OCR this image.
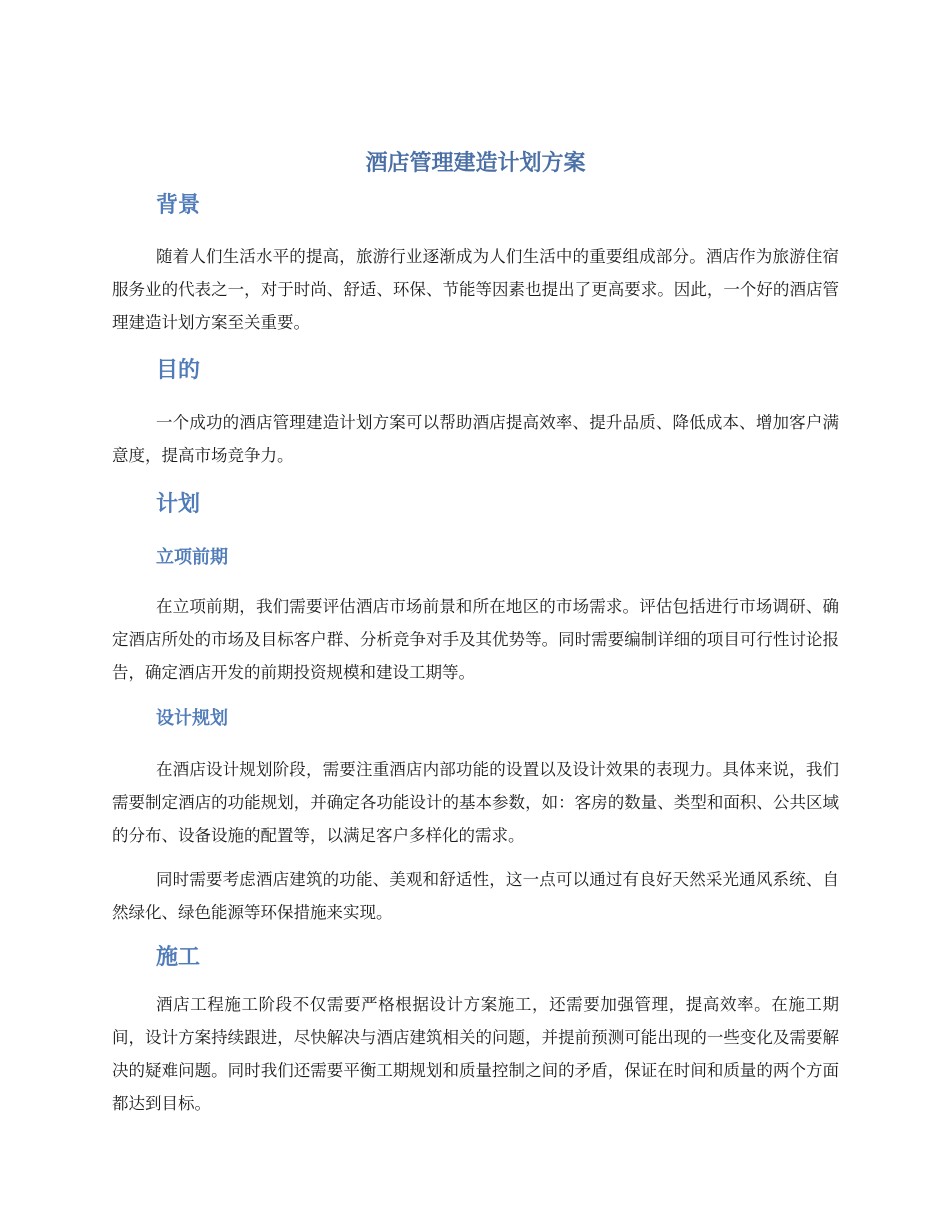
酒店管理建造计划方案
背景

随着人们生活水平的提高，旅游行业逐渐成为人们生活中的重要组成部分。酒店作为旅游住宿服务业的代表之一，对于时尚、舒适、环保、节能等因素也提出了更高要求。因此，一个好的酒店管理建造计划方案至关重要。

目的

一个成功的酒店管理建造计划方案可以帮助酒店提高效率、提升品质、降低成本、增加客户满意度，提高市场竞争力。

计划
立项前期

在立项前期，我们需要评估酒店市场前景和所在地区的市场需求。评估包括进行市场调研、确定酒店所处的市场及目标客户群、分析竞争对手及其优势等。同时需要编制详细的项目可行性讨论报告，确定酒店开发的前期投资规模和建设工期等。

设计规划

在酒店设计规划阶段，需要注重酒店内部功能的设置以及设计效果的表现力。具体来说，我们需要制定酒店的功能规划，并确定各功能设计的基本参数，如：客房的数量、类型和面积、公共区域的分布、设备设施的配置等，以满足客户多样化的需求。

同时需要考虑酒店建筑的功能、美观和舒适性，这一点可以通过有良好天然采光通风系统、自然绿化、绿色能源等环保措施来实现。

施工

酒店工程施工阶段不仅需要严格根据设计方案施工，还需要加强管理，提高效率。在施工期间，设计方案持续跟进，尽快解决与酒店建筑相关的问题，并提前预测可能出现的一些变化及需要解决的疑难问题。同时我们还需要平衡工期规划和质量控制之间的矛盾，保证在时间和质量的两个方面都达到目标。
